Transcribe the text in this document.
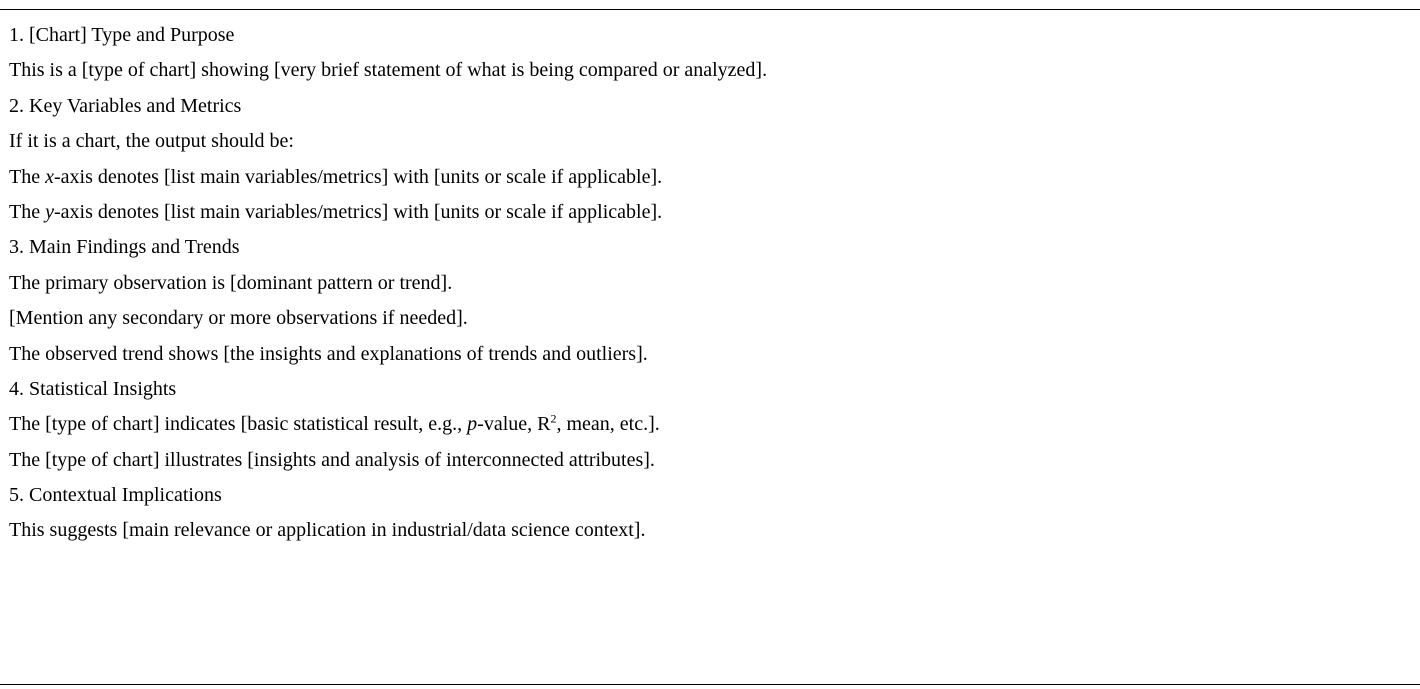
1. [Chart] Type and Purpose
This is a [type of chart] showing [very brief statement of what is being compared or analyzed].
2. Key Variables and Metrics
If it is a chart, the output should be:
The x-axis denotes [list main variables/metrics] with [units or scale if applicable].
The y-axis denotes [list main variables/metrics] with [units or scale if applicable].
3. Main Findings and Trends
The primary observation is [dominant pattern or trend].
[Mention any secondary or more observations if needed].
The observed trend shows [the insights and explanations of trends and outliers].
4. Statistical Insights
The [type of chart] indicates [basic statistical result, e.g., p-value, $R^2$, mean, etc.].
The [type of chart] illustrates [insights and analysis of interconnected attributes].
5. Contextual Implications
This suggests [main relevance or application in industrial/data science context].
